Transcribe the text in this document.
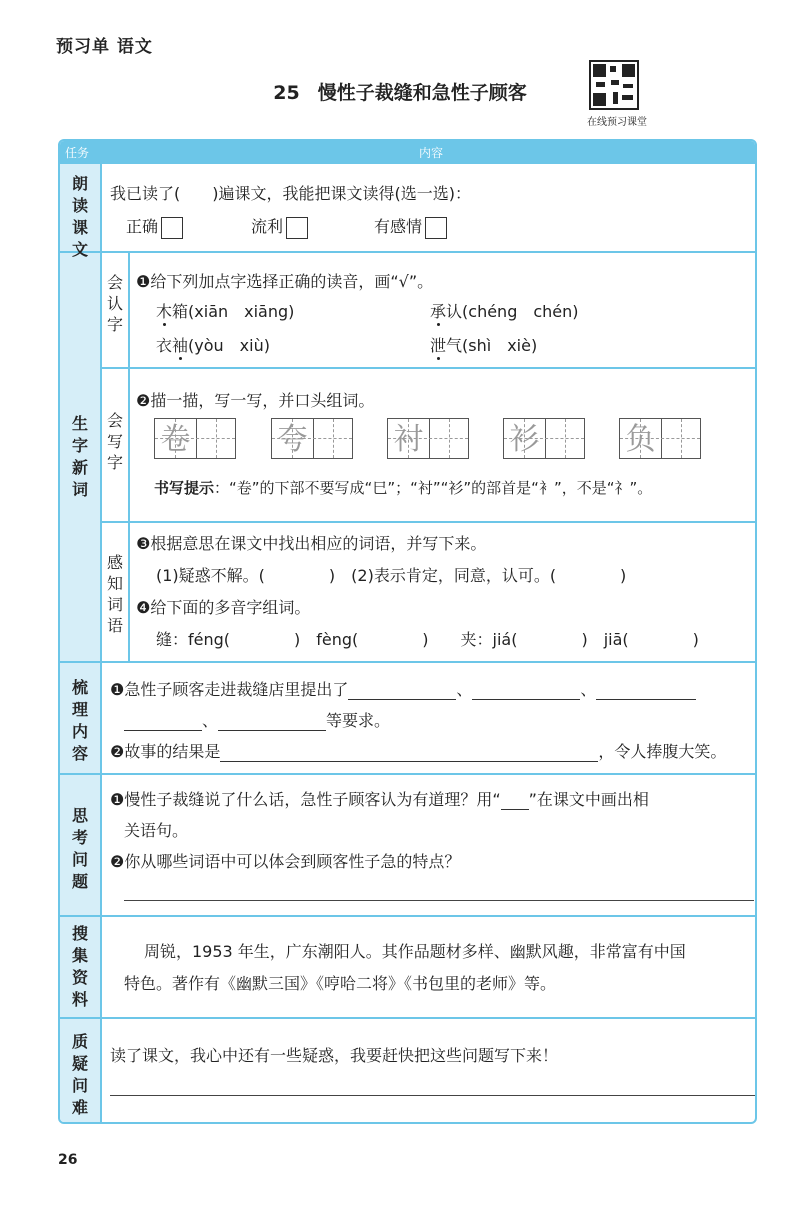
预习单 语文
25 慢性子裁缝和急性子顾客
在线预习课堂
任务	内容
朗
读
课
文
我已读了(　　)遍课文，我能把课文读得(选一选)：
正确	流利	有感情
生
字
新
词
会
认
字
❶给下列加点字选择正确的读音，画“√”。
木箱(xiān　xiāng)	承认(chéng　chén)
衣袖(yòu　xiù)	泄气(shì　xiè)
会
写
字
❷描一描，写一写，并口头组词。
卷	夸	衬	衫	负
书写提示：“卷”的下部不要写成“巳”；“衬”“衫”的部首是“衤”，不是“礻”。
感
知
词
语
❸根据意思在课文中找出相应的词语，并写下来。
(1)疑惑不解。(　　　　)　(2)表示肯定，同意，认可。(　　　　)
❹给下面的多音字组词。
缝：féng(　　　　)　fèng(　　　　)　　夹：jiá(　　　　)　jiā(　　　　)
梳
理
内
容
❶急性子顾客走进裁缝店里提出了	、	、
、	等要求。
❷故事的结果是	，令人捧腹大笑。
思
考
问
题
❶慢性子裁缝说了什么话，急性子顾客认为有道理？用“ ”在课文中画出相
关语句。
❷你从哪些词语中可以体会到顾客性子急的特点？
搜
集
资
料
周锐，1953 年生，广东潮阳人。其作品题材多样、幽默风趣，非常富有中国
特色。著作有《幽默三国》《哼哈二将》《书包里的老师》等。
质
疑
问
难
读了课文，我心中还有一些疑惑，我要赶快把这些问题写下来！
26
